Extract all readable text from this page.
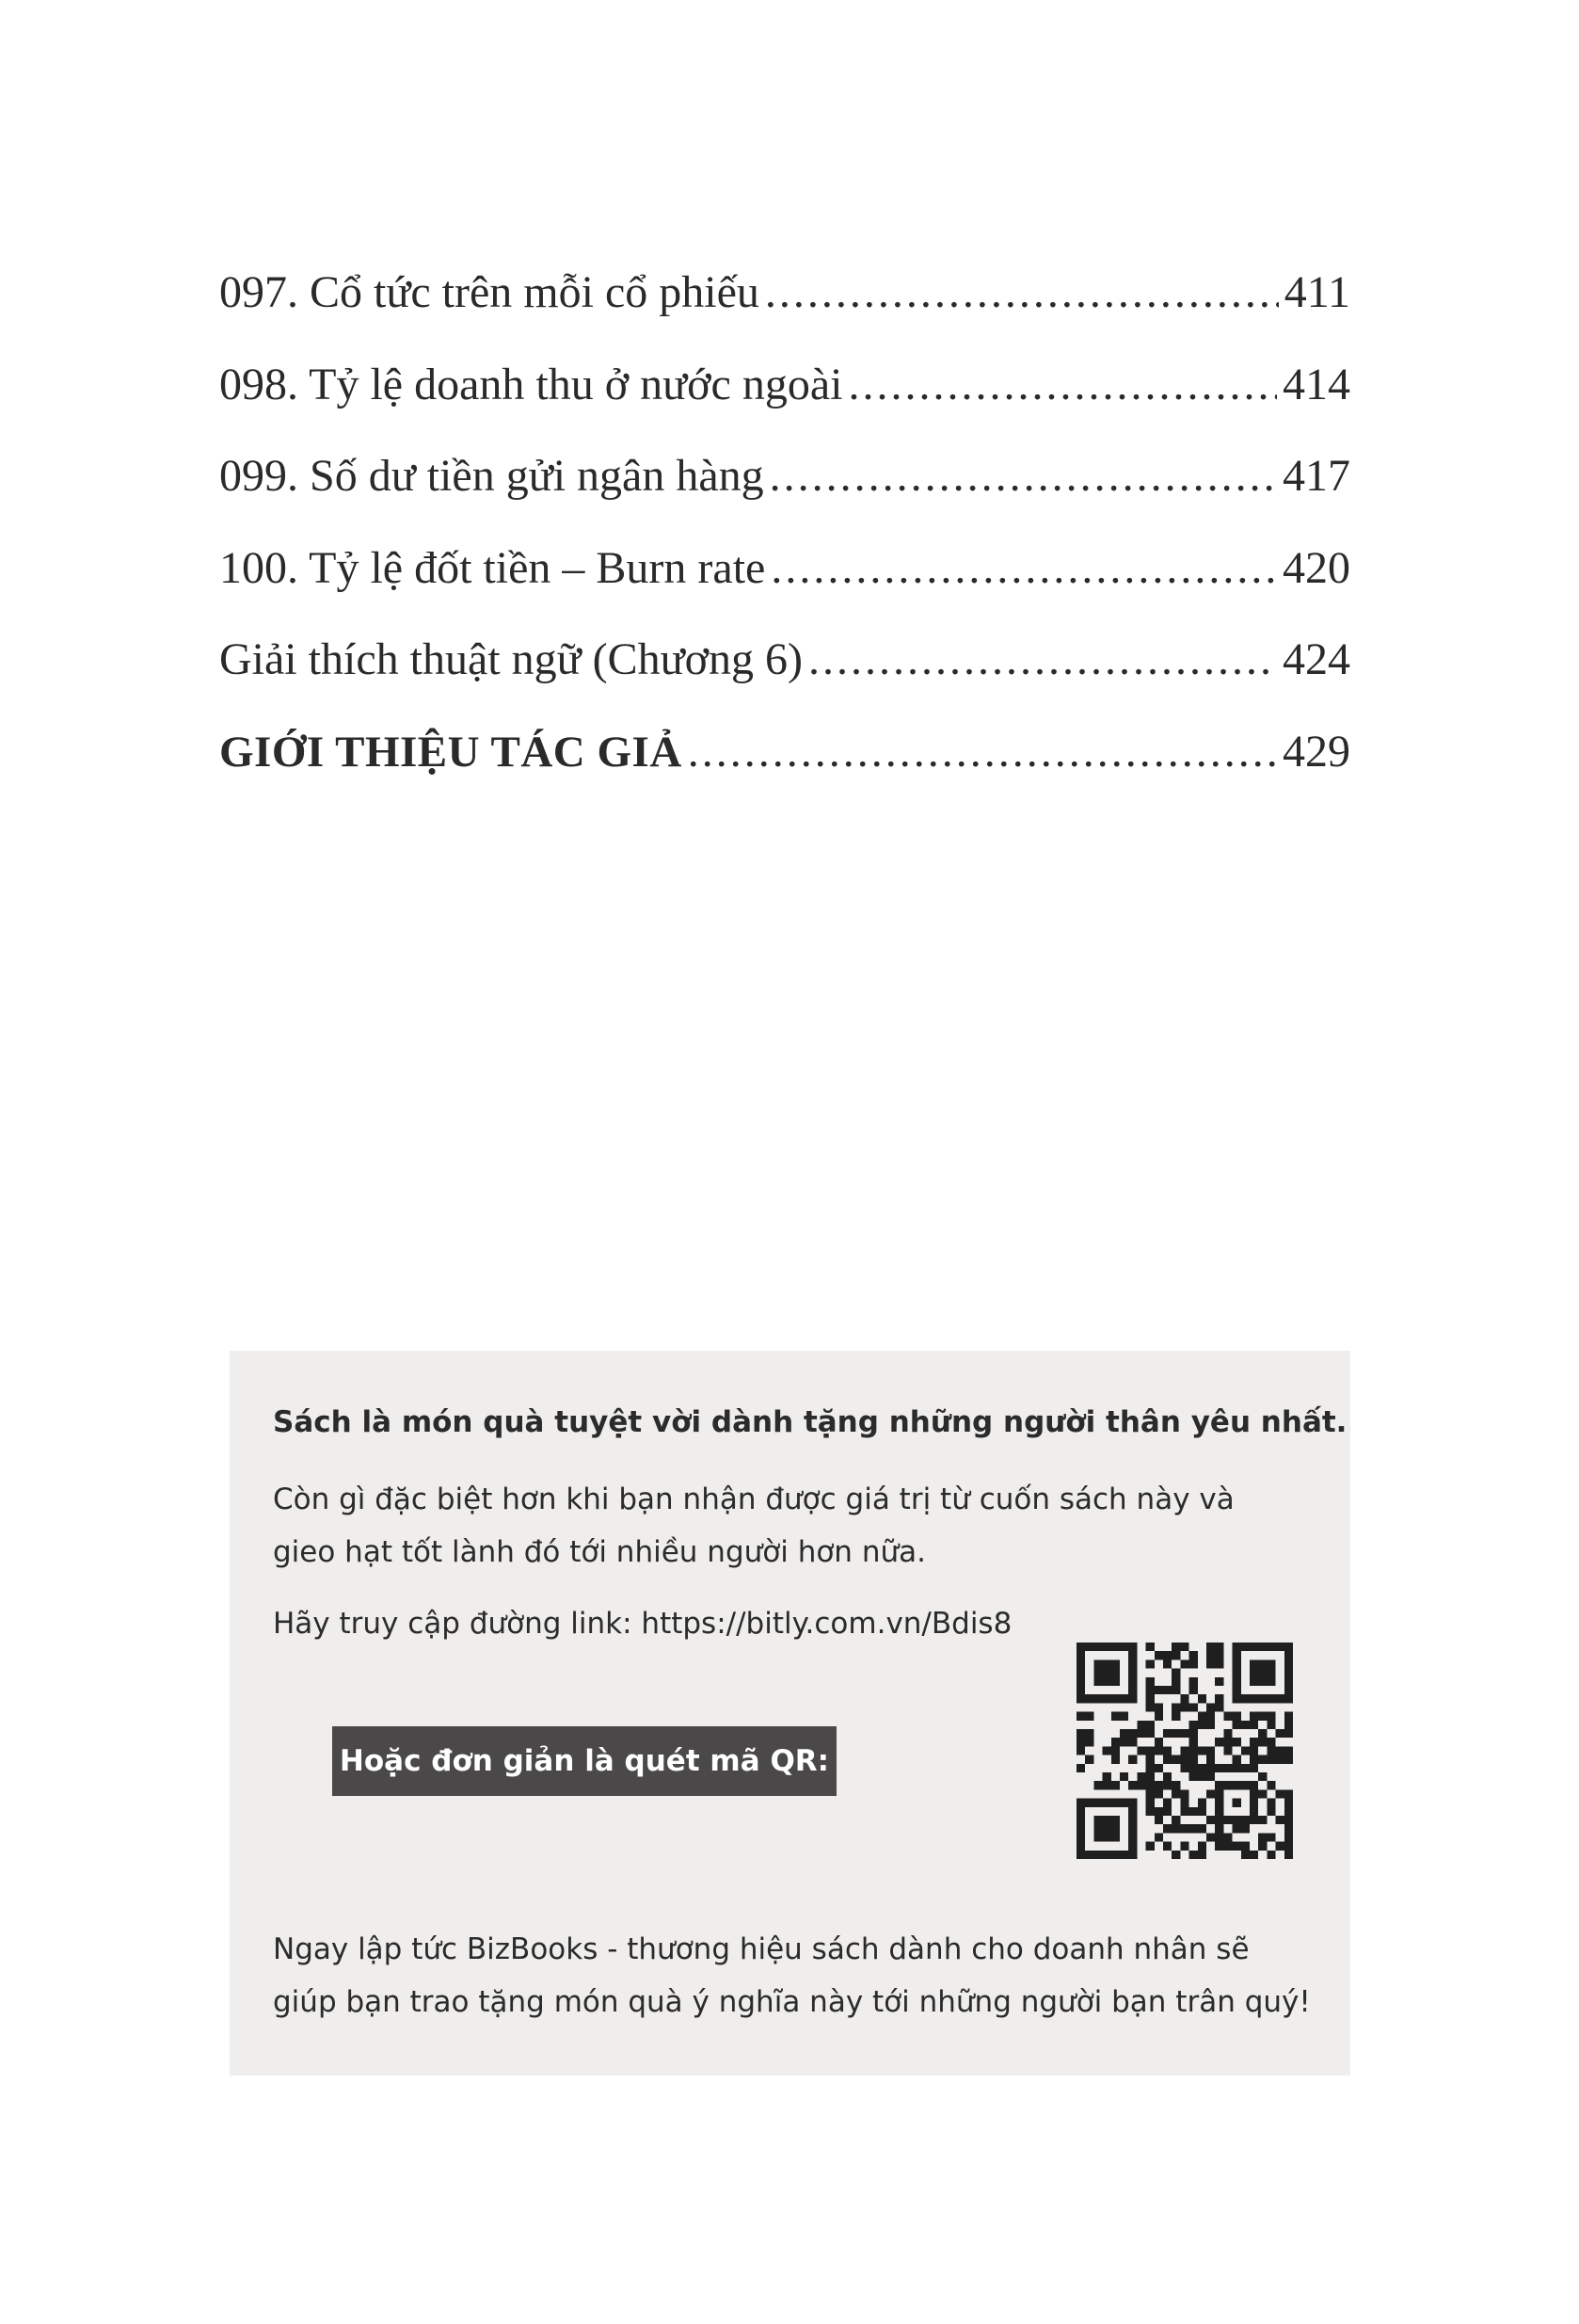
097. Cổ tức trên mỗi cổ phiếu .....	411
098. Tỷ lệ doanh thu ở nước ngoài .....	414
099. Số dư tiền gửi ngân hàng .....	417
100. Tỷ lệ đốt tiền – Burn rate .....	420
Giải thích thuật ngữ (Chương 6) .....	424
GIỚI THIỆU TÁC GIẢ .....	429
Sách là món quà tuyệt vời dành tặng những người thân yêu nhất.
Còn gì đặc biệt hơn khi bạn nhận được giá trị từ cuốn sách này và
gieo hạt tốt lành đó tới nhiều người hơn nữa.
Hãy truy cập đường link: https://bitly.com.vn/Bdis8
Hoặc đơn giản là quét mã QR:
Ngay lập tức BizBooks - thương hiệu sách dành cho doanh nhân sẽ
giúp bạn trao tặng món quà ý nghĩa này tới những người bạn trân quý!
